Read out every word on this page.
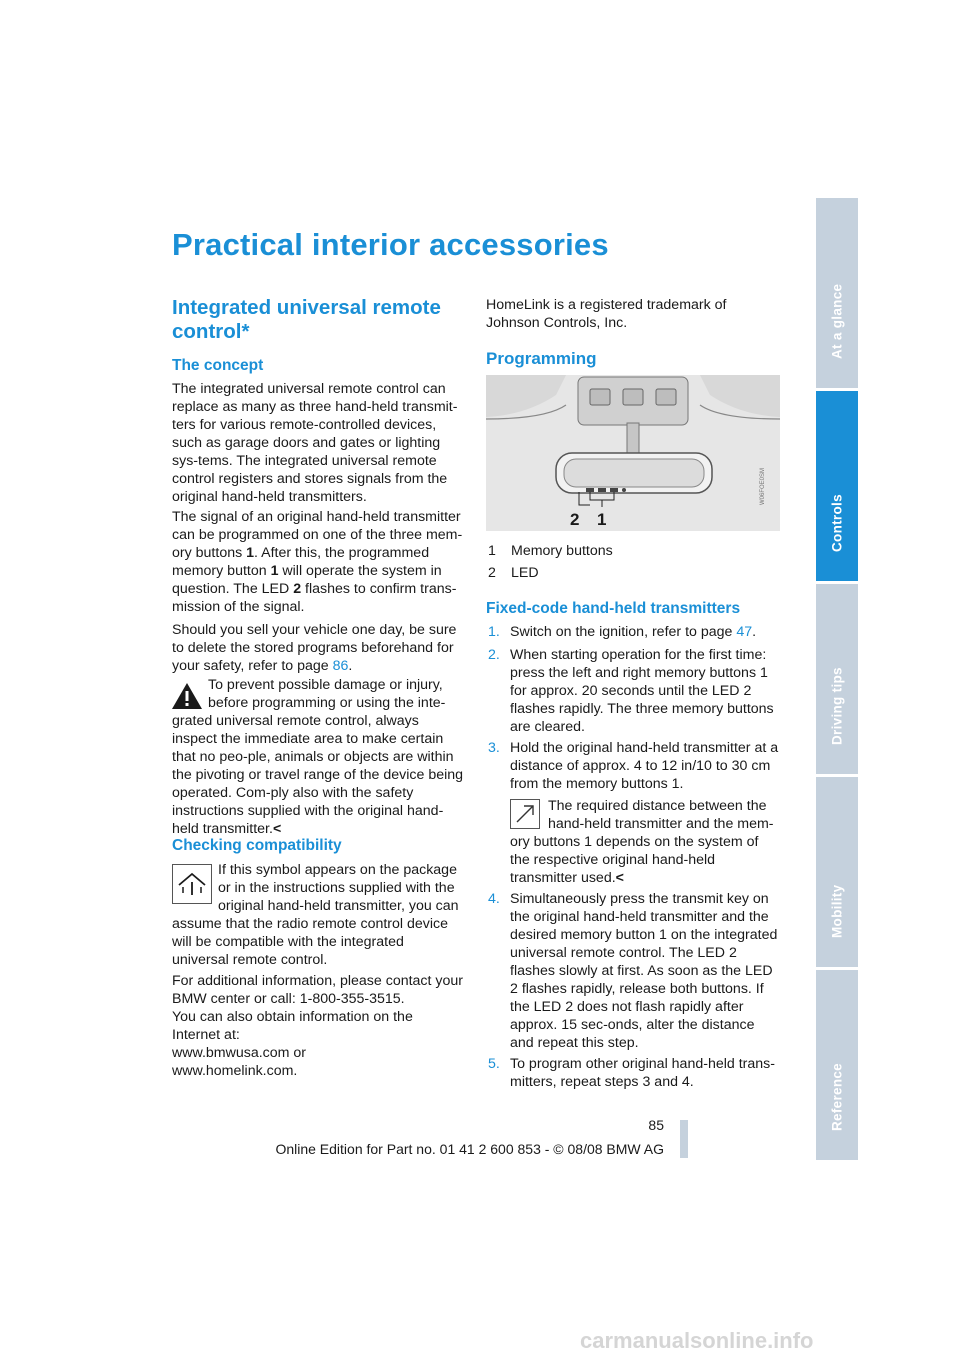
Practical interior accessories
Integrated universal remote
control*
The concept

The integrated universal remote control can replace as many as three hand-held transmit-ters for various remote-controlled devices, such as garage doors and gates or lighting sys-tems. The integrated universal remote control registers and stores signals from the original hand-held transmitters.

The signal of an original hand-held transmitter can be programmed on one of the three mem-ory buttons 1. After this, the programmed memory button 1 will operate the system in question. The LED 2 flashes to confirm trans-mission of the signal.

Should you sell your vehicle one day, be sure to delete the stored programs beforehand for your safety, refer to page 86.

To prevent possible damage or injury,

before programming or using the inte-

grated universal remote control, always inspect the immediate area to make certain that no peo-ple, animals or objects are within the pivoting or travel range of the device being operated. Com-ply also with the safety instructions supplied with the original hand-held transmitter.<

Checking compatibility

If this symbol appears on the package

or in the instructions supplied with the

original hand-held transmitter, you can

assume that the radio remote control device will be compatible with the integrated universal remote control.

For additional information, please contact your BMW center or call: 1-800-355-3515.

You can also obtain information on the Internet at:

www.bmwusa.com or

www.homelink.com.

HomeLink is a registered trademark of Johnson Controls, Inc.

Programming
W06FOE0SM
2 1
1 Memory buttons
2 LED
Fixed-code hand-held transmitters
1. Switch on the ignition, refer to page 47.
2. When starting operation for the first time: press the left and right memory buttons 1 for approx. 20 seconds until the LED 2 flashes rapidly. The three memory buttons are cleared.
3. Hold the original hand-held transmitter at a distance of approx. 4 to 12 in/10 to 30 cm from the memory buttons 1.

The required distance between the

hand-held transmitter and the mem-

ory buttons 1 depends on the system of the respective original hand-held transmitter used.<

4. Simultaneously press the transmit key on the original hand-held transmitter and the desired memory button 1 on the integrated universal remote control. The LED 2 flashes slowly at first. As soon as the LED 2 flashes rapidly, release both buttons. If the LED 2 does not flash rapidly after approx. 15 sec-onds, alter the distance and repeat this step.
5. To program other original hand-held trans-mitters, repeat steps 3 and 4.
At a glance
Controls
Driving tips
Mobility
Reference

85

Online Edition for Part no. 01 41 2 600 853 - © 08/08 BMW AG

carmanualsonline.info
